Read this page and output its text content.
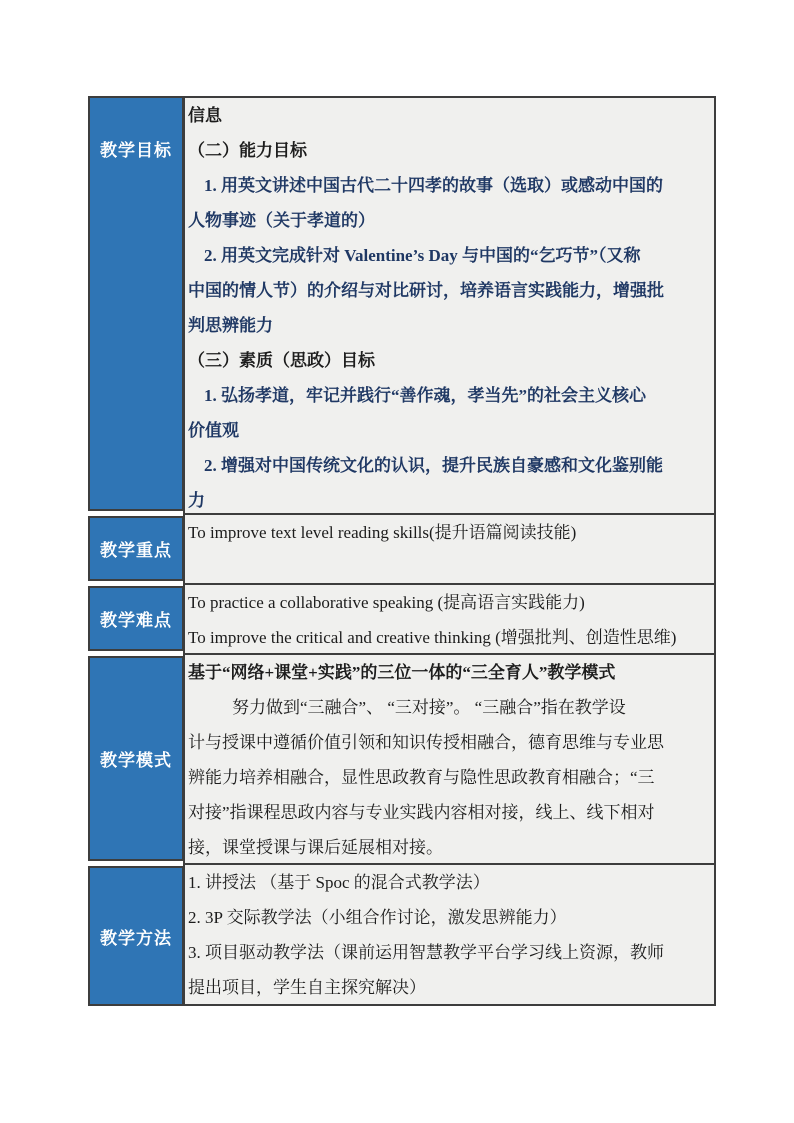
教学目标

信息

（二）能力目标

1. 用英文讲述中国古代二十四孝的故事（选取）或感动中国的
人物事迹（关于孝道的）

2. 用英文完成针对 Valentine’s Day 与中国的“乞巧节”（又称
中国的情人节）的介绍与对比研讨，培养语言实践能力，增强批
判思辨能力

（三）素质（思政）目标

1. 弘扬孝道，牢记并践行“善作魂，孝当先”的社会主义核心
价值观

2. 增强对中国传统文化的认识，提升民族自豪感和文化鉴别能
力

教学重点

To improve text level reading skills(提升语篇阅读技能)

教学难点

To practice a collaborative speaking (提高语言实践能力)

To improve the critical and creative thinking (增强批判、创造性思维)

教学模式

基于“网络+课堂+实践”的三位一体的“三全育人”教学模式

努力做到“三融合”、 “三对接”。 “三融合”指在教学设
计与授课中遵循价值引领和知识传授相融合，德育思维与专业思
辨能力培养相融合，显性思政教育与隐性思政教育相融合；“三
对接”指课程思政内容与专业实践内容相对接，线上、线下相对
接，课堂授课与课后延展相对接。

教学方法

1. 讲授法 （基于 Spoc 的混合式教学法）

2. 3P 交际教学法（小组合作讨论，激发思辨能力）

3. 项目驱动教学法（课前运用智慧教学平台学习线上资源，教师
提出项目，学生自主探究解决）
